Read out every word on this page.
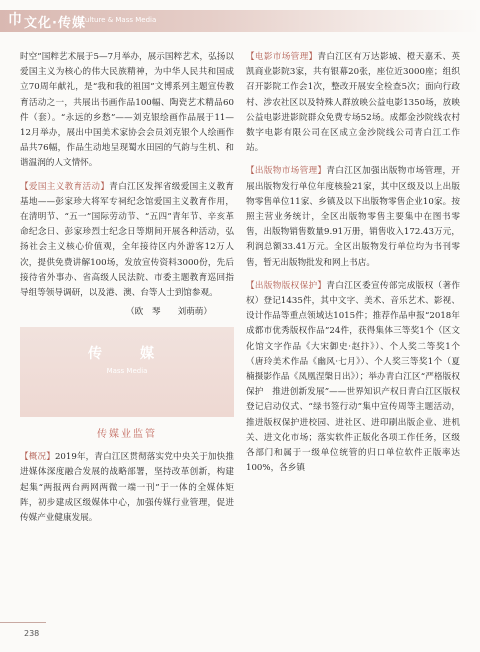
巾 文化·传媒
Culture & Mass Media

时空”国粹艺术展于5—7月举办，展示国粹艺术，弘扬以爱国主义为核心的伟大民族精神，为中华人民共和国成立70周年献礼，是“我和我的祖国”文博系列主题宣传教育活动之一，共展出书画作品100幅、陶瓷艺术精品60件（套）。“永远的乡愁”——刘克银绘画作品展于11—12月举办，展出中国美术家协会会员刘克银个人绘画作品共76幅，作品生动地呈现蜀水田园的气韵与生机、和谐温润的人文情怀。

【爱国主义教育活动】青白江区发挥省级爱国主义教育基地——彭家珍大将军专祠纪念馆爱国主义教育作用，在清明节、“五一”国际劳动节、“五四”青年节、辛亥革命纪念日、彭家珍烈士纪念日等期间开展各种活动，弘扬社会主义核心价值观，全年接待区内外游客12万人次，提供免费讲解100场，发放宣传资料3000份，先后接待省外事办、省高级人民法院、市委主题教育巡回指导组等领导调研，以及港、澳、台等人士到馆参观。

（欧　琴　　刘萌萌）
传　媒
Mass Media
传媒业监管

【概况】2019年，青白江区贯彻落实党中央关于加快推进媒体深度融合发展的战略部署，坚持改革创新，构建起集“两报两台两网两微一端一刊”于一体的全媒体矩阵，初步建成区级媒体中心，加强传媒行业管理，促进传媒产业健康发展。

【电影市场管理】青白江区有万达影城、橙天嘉禾、英凯商业影院3家，共有银幕20张，座位近3000座；组织召开影院工作会1次，整改开展安全检查5次；面向行政村、涉农社区以及特殊人群放映公益电影1350场，放映公益电影进影院群众免费专场52场。成都金沙院线农村数字电影有限公司在区成立金沙院线公司青白江工作站。

【出版物市场管理】青白江区加强出版物市场管理，开展出版物发行单位年度核验21家，其中区级及以上出版物零售单位11家、乡镇及以下出版物零售企业10家。按照主营业务统计，全区出版物零售主要集中在图书零售，出版物销售数量9.91万册，销售收入172.43万元，利润总额33.41万元。全区出版物发行单位均为书刊零售，暂无出版物批发和网上书店。

【出版物版权保护】青白江区委宣传部完成版权（著作权）登记1435件，其中文字、美术、音乐艺术、影视、设计作品等重点领域达1015件；推荐作品申报“2018年成都市优秀版权作品”24件，获得集体三等奖1个（区文化馆文字作品《大宋御史·赵抃》）、个人奖二等奖1个（唐玲美术作品《幽风·七月》）、个人奖三等奖1个（夏楠摄影作品《凤凰涅槃日出》）；举办青白江区“严格版权保护　推进创新发展”——世界知识产权日青白江区版权登记启动仪式、“绿书签行动”集中宣传周等主题活动，推进版权保护进校园、进社区、进印刷出版企业、进机关、进文化市场；落实软件正版化各项工作任务，区级各部门和属于一级单位统管的归口单位软件正版率达100%，各乡镇

238
